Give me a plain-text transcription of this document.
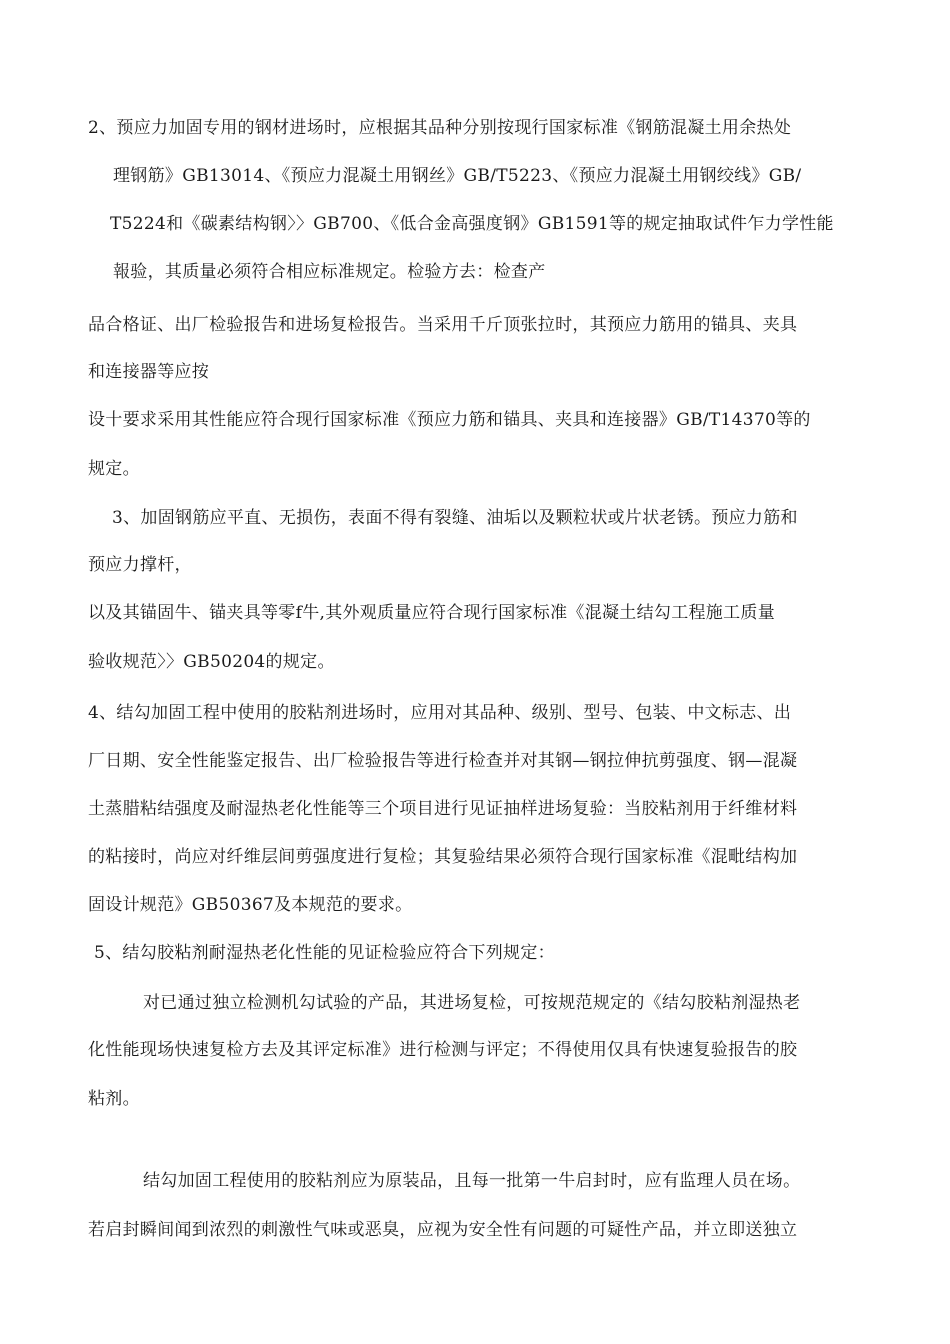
2、预应力加固专用的钢材进场时，应根据其品种分别按现行国家标准《钢筋混凝土用余热处
理钢筋》GB13014、《预应力混凝土用钢丝》GB/T5223、《预应力混凝土用钢绞线》GB/
T5224和《碳素结构钢〉〉GB700、《低合金高强度钢》GB1591等的规定抽取试件乍力学性能
報验，其质量必须符合相应标准规定。检验方去：检查产
品合格证、出厂检验报告和进场复检报告。当采用千斤顶张拉时，其预应力筋用的锚具、夹具
和连接器等应按
设十要求采用其性能应符合现行国家标准《预应力筋和锚具、夹具和连接器》GB/T14370等的
规定。
3、加固钢筋应平直、无损伤，表面不得有裂缝、油垢以及颗粒状或片状老锈。预应力筋和
预应力撑杆，
以及其锚固牛、锚夹具等零f牛,其外观质量应符合现行国家标准《混凝土结勾工程施工质量
验收规范〉〉GB50204的规定。
4、结勾加固工程中使用的胶粘剂进场时，应用对其品种、级别、型号、包装、中文标志、出
厂日期、安全性能鉴定报告、出厂检验报告等进行检查并对其钢—钢拉伸抗剪强度、钢—混凝
土蒸腊粘结强度及耐湿热老化性能等三个项目进行见证抽样进场复验：当胶粘剂用于纤维材料
的粘接时，尚应对纤维层间剪强度进行复检；其复验结果必须符合现行国家标准《混毗结构加
固设计规范》GB50367及本规范的要求。
5、结勾胶粘剂耐湿热老化性能的见证检验应符合下列规定：
对已通过独立检测机勾试验的产品，其进场复检，可按规范规定的《结勾胶粘剂湿热老
化性能现场快速复检方去及其评定标准》进行检测与评定；不得使用仅具有快速复验报告的胶
粘剂。
结勾加固工程使用的胶粘剂应为原装品，且每一批第一牛启封时，应有监理人员在场。
若启封瞬间闻到浓烈的刺激性气味或恶臭，应视为安全性有问题的可疑性产品，并立即送独立
